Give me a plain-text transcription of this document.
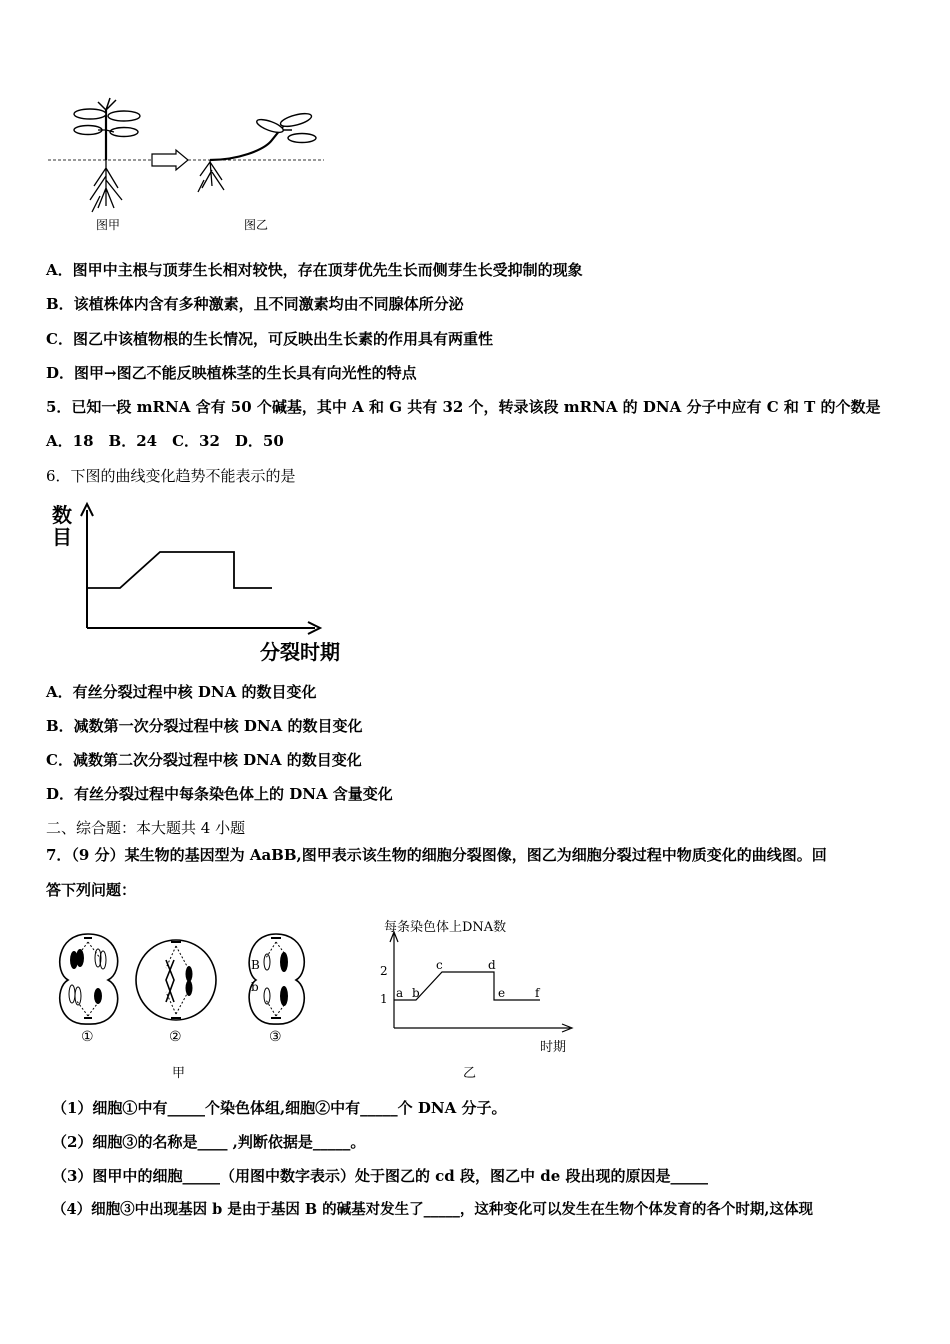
图甲	图乙
A．图甲中主根与顶芽生长相对较快，存在顶芽优先生长而侧芽生长受抑制的现象
B．该植株体内含有多种激素，且不同激素均由不同腺体所分泌
C．图乙中该植物根的生长情况，可反映出生长素的作用具有两重性
D．图甲→图乙不能反映植株茎的生长具有向光性的特点
5．已知一段 mRNA 含有 50 个碱基，其中 A 和 G 共有 32 个，转录该段 mRNA 的 DNA 分子中应有 C 和 T 的个数是
A．18　B．24　C．32　D．50
6．下图的曲线变化趋势不能表示的是
数目
分裂时期
A．有丝分裂过程中核 DNA 的数目变化
B．减数第一次分裂过程中核 DNA 的数目变化
C．减数第二次分裂过程中核 DNA 的数目变化
D．有丝分裂过程中每条染色体上的 DNA 含量变化
二、综合题：本大题共 4 小题
7．（9 分）某生物的基因型为 AaBB,图甲表示该生物的细胞分裂图像，图乙为细胞分裂过程中物质变化的曲线图。回
答下列问题：
B
b
①	②	③
甲
每条染色体上DNA数
2
1 a b
c	d
e f
时期
乙
（1）细胞①中有_____个染色体组,细胞②中有_____个 DNA 分子。
（2）细胞③的名称是____ ,判断依据是_____。
（3）图甲中的细胞_____（用图中数字表示）处于图乙的 cd 段，图乙中 de 段出现的原因是_____
（4）细胞③中出现基因 b 是由于基因 B 的碱基对发生了_____，这种变化可以发生在生物个体发育的各个时期,这体现
